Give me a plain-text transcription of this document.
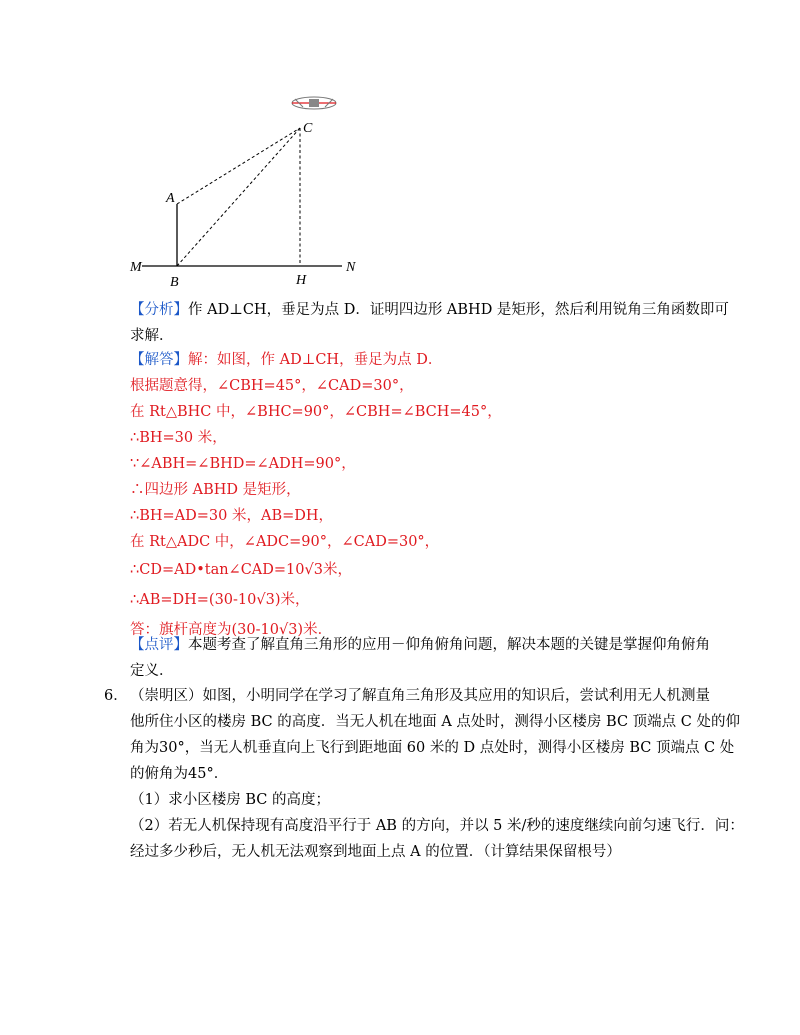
C
A
M
B	H
N
【分析】作 AD⊥CH，垂足为点 D．证明四边形 ABHD 是矩形，然后利用锐角三角函数即可
求解．
【解答】解：如图，作 AD⊥CH，垂足为点 D．
根据题意得，∠CBH=45°，∠CAD=30°，
在 Rt△BHC 中，∠BHC=90°，∠CBH=∠BCH=45°，
∴BH=30 米，
∵∠ABH=∠BHD=∠ADH=90°，
∴四边形 ABHD 是矩形，
∴BH=AD=30 米，AB=DH，
在 Rt△ADC 中，∠ADC=90°，∠CAD=30°，
∴CD=AD•tan∠CAD=10√3米，
∴AB=DH=(30-10√3)米，
答：旗杆高度为(30-10√3)米．
【点评】本题考查了解直角三角形的应用－仰角俯角问题，解决本题的关键是掌握仰角俯角
定义．
6． （崇明区）如图，小明同学在学习了解直角三角形及其应用的知识后，尝试利用无人机测量
他所住小区的楼房 BC 的高度．当无人机在地面 A 点处时，测得小区楼房 BC 顶端点 C 处的仰
角为30°，当无人机垂直向上飞行到距地面 60 米的 D 点处时，测得小区楼房 BC 顶端点 C 处
的俯角为45°．
（1）求小区楼房 BC 的高度；
（2）若无人机保持现有高度沿平行于 AB 的方向，并以 5 米/秒的速度继续向前匀速飞行．问：
经过多少秒后，无人机无法观察到地面上点 A 的位置．（计算结果保留根号）
